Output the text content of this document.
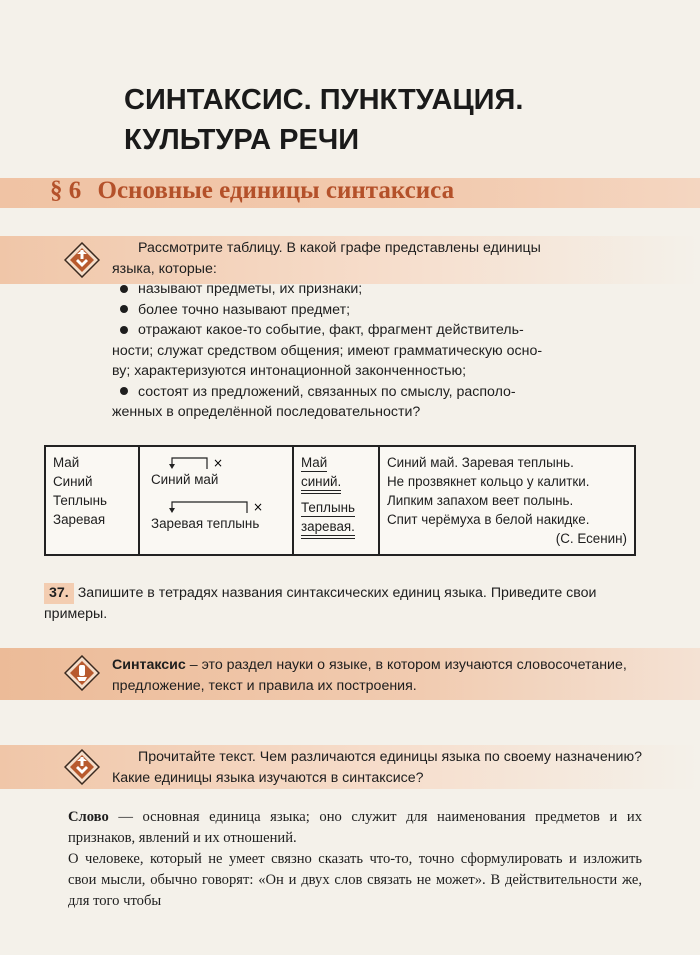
СИНТАКСИС. ПУНКТУАЦИЯ. КУЛЬТУРА РЕЧИ
§ 6 Основные единицы синтаксиса

Рассмотрите таблицу. В какой графе представлены единицы

языка, которые:

называют предметы, их признаки;

более точно называют предмет;

отражают какое-то событие, факт, фрагмент действитель-

ности; служат средством общения; имеют грамматическую осно-

ву; характеризуются интонационной законченностью;

состоят из предложений, связанных по смыслу, располо-

женных в определённой последовательности?

Май
Синий
Теплынь
Заревая

×
Синий май
×
Заревая теплынь

Май
синий.
Теплынь
заревая.

Синий май. Заревая теплынь.
Не прозвякнет кольцо у калитки.
Липким запахом веет полынь.
Спит черёмуха в белой накидке.
(С. Есенин)

37. Запишите в тетрадях названия синтаксических единиц языка. Приведите свои примеры.

Синтаксис – это раздел науки о языке, в котором изучаются словосочетание, предложение, текст и правила их построения.

Прочитайте текст. Чем различаются единицы языка по своему назначению? Какие единицы языка изучаются в синтаксисе?

Слово — основная единица языка; оно служит для наименования предметов и их признаков, явлений и их отношений.

О человеке, который не умеет связно сказать что-то, точно сформулировать и изложить свои мысли, обычно говорят: «Он и двух слов связать не может». В действительности же, для того чтобы
